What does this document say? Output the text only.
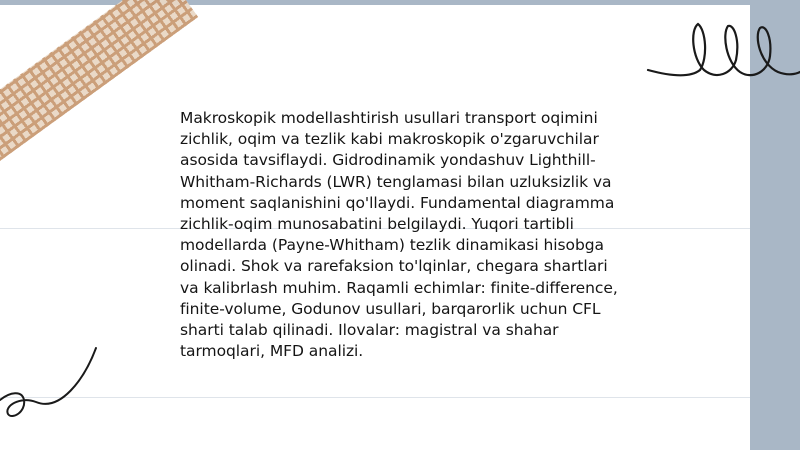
Makroskopik modellashtirish usullari transport oqimini zichlik, oqim va tezlik kabi makroskopik o'zgaruvchilar asosida tavsiflaydi. Gidrodinamik yondashuv Lighthill-Whitham-Richards (LWR) tenglamasi bilan uzluksizlik va moment saqlanishini qo'llaydi. Fundamental diagramma zichlik-oqim munosabatini belgilaydi. Yuqori tartibli modellarda (Payne-Whitham) tezlik dinamikasi hisobga olinadi. Shok va rarefaksion to'lqinlar, chegara shartlari va kalibrlash muhim. Raqamli echimlar: finite-difference, finite-volume, Godunov usullari, barqarorlik uchun CFL sharti talab qilinadi. Ilovalar: magistral va shahar tarmoqlari, MFD analizi.
